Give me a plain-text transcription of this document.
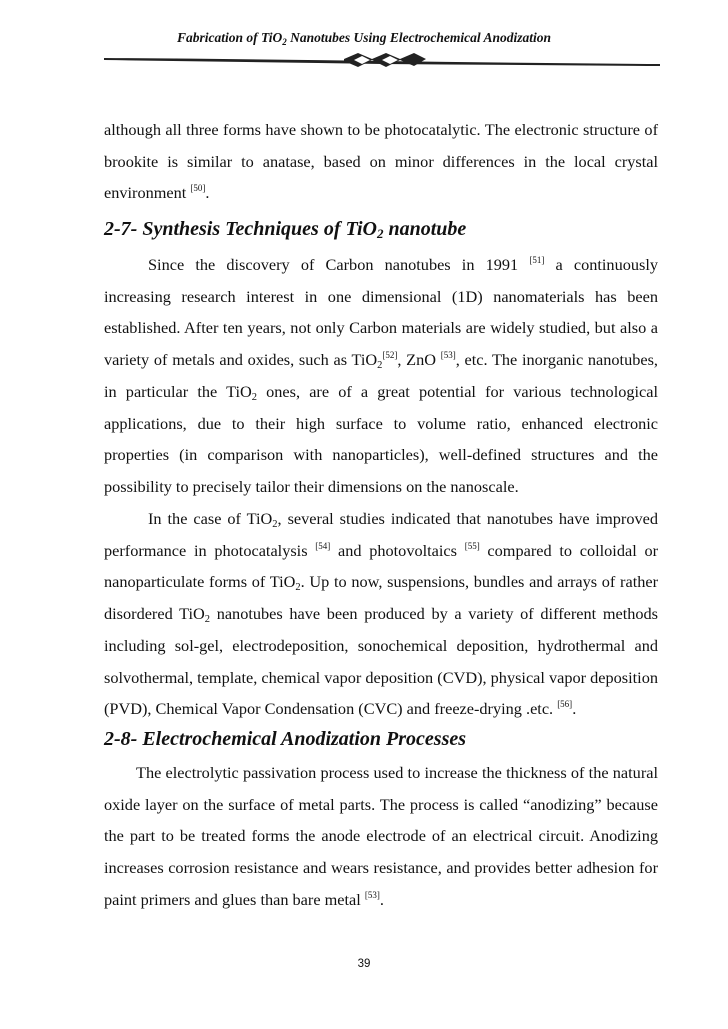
Fabrication of TiO$_2$ Nanotubes Using Electrochemical Anodization
although all three forms have shown to be photocatalytic. The electronic structure of brookite is similar to anatase, based on minor differences in the local crystal environment [50].
2-7- Synthesis Techniques of TiO$_2$ nanotube
Since the discovery of Carbon nanotubes in 1991 [51] a continuously increasing research interest in one dimensional (1D) nanomaterials has been established. After ten years, not only Carbon materials are widely studied, but also a variety of metals and oxides, such as TiO$_2$[52], ZnO [53], etc. The inorganic nanotubes, in particular the TiO$_2$ ones, are of a great potential for various technological applications, due to their high surface to volume ratio, enhanced electronic properties (in comparison with nanoparticles), well-defined structures and the possibility to precisely tailor their dimensions on the nanoscale.
In the case of TiO$_2$, several studies indicated that nanotubes have improved performance in photocatalysis [54] and photovoltaics [55] compared to colloidal or nanoparticulate forms of TiO$_2$. Up to now, suspensions, bundles and arrays of rather disordered TiO$_2$ nanotubes have been produced by a variety of different methods including sol-gel, electrodeposition, sonochemical deposition, hydrothermal and solvothermal, template, chemical vapor deposition (CVD), physical vapor deposition (PVD), Chemical Vapor Condensation (CVC) and freeze-drying .etc. [56].
2-8- Electrochemical Anodization Processes
The electrolytic passivation process used to increase the thickness of the natural oxide layer on the surface of metal parts. The process is called “anodizing” because the part to be treated forms the anode electrode of an electrical circuit. Anodizing increases corrosion resistance and wears resistance, and provides better adhesion for paint primers and glues than bare metal [53].
39
